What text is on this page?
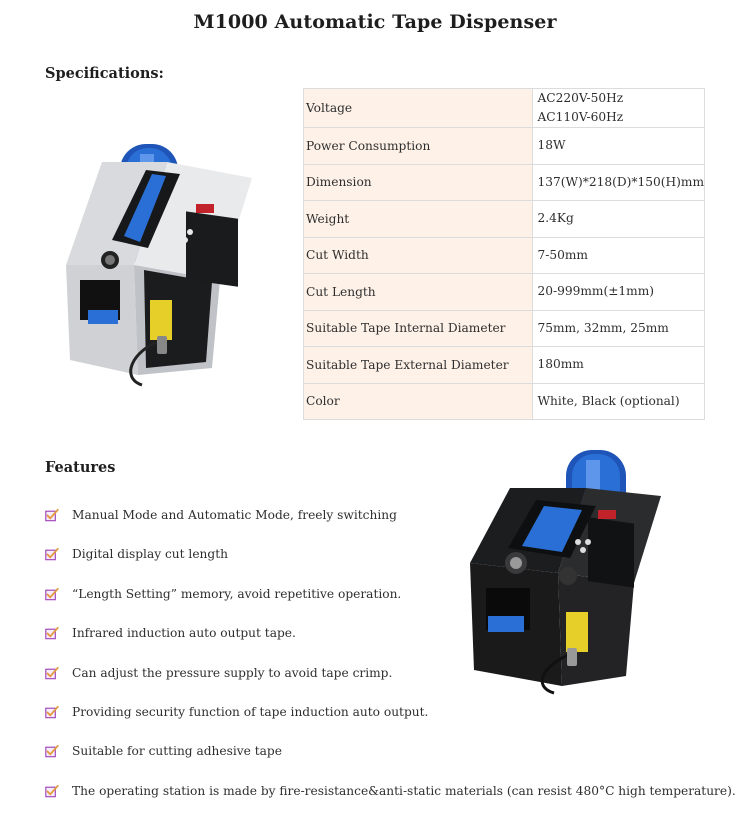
M1000 Automatic Tape Dispenser
Specifications:
Voltage	AC220V-50Hz
AC110V-60Hz

Power Consumption	18W

Dimension	137(W)*218(D)*150(H)mm

Weight	2.4Kg

Cut Width	7-50mm

Cut Length	20-999mm(±1mm)

Suitable Tape Internal Diameter	75mm, 32mm, 25mm

Suitable Tape External Diameter	180mm

Color	White, Black (optional)
Features
Manual Mode and Automatic Mode, freely switching
Digital display cut length
“Length Setting” memory, avoid repetitive operation.
Infrared induction auto output tape.
Can adjust the pressure supply to avoid tape crimp.
Providing security function of tape induction auto output.
Suitable for cutting adhesive tape
The operating station is made by fire-resistance&anti-static materials (can resist 480°C high temperature).
